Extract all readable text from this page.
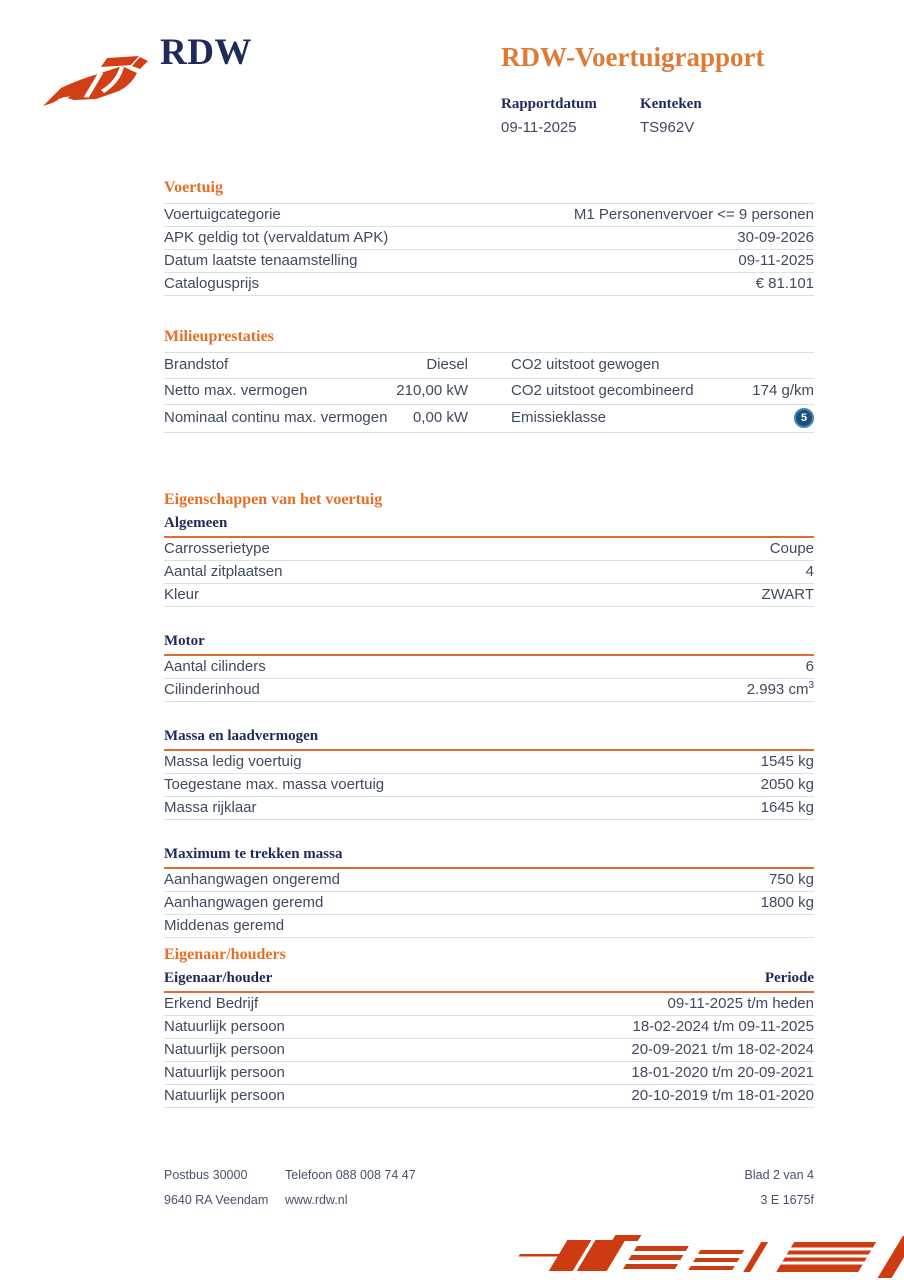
RDW	RDW-Voertuigrapport
Rapportdatum
09-11-2025
Kenteken
TS962V
Voertuig
Voertuigcategorie	M1 Personenvervoer <= 9 personen
APK geldig tot (vervaldatum APK)	30-09-2026
Datum laatste tenaamstelling	09-11-2025
Catalogusprijs	€ 81.101
Milieuprestaties
Brandstof	Diesel	CO2 uitstoot gewogen
Netto max. vermogen	210,00 kW	CO2 uitstoot gecombineerd	174 g/km
Nominaal continu max. vermogen 0,00 kW	Emissieklasse	5
Eigenschappen van het voertuig
Algemeen
Carrosserietype	Coupe
Aantal zitplaatsen	4
Kleur	ZWART
Motor
Aantal cilinders	6
Cilinderinhoud	2.993 $cm^3$
Massa en laadvermogen
Massa ledig voertuig	1545 kg
Toegestane max. massa voertuig	2050 kg
Massa rijklaar	1645 kg
Maximum te trekken massa
Aanhangwagen ongeremd	750 kg
Aanhangwagen geremd	1800 kg
Middenas geremd
Eigenaar/houders
Eigenaar/houder	Periode
Erkend Bedrijf	09-11-2025 t/m heden
Natuurlijk persoon	18-02-2024 t/m 09-11-2025
Natuurlijk persoon	20-09-2021 t/m 18-02-2024
Natuurlijk persoon	18-01-2020 t/m 20-09-2021
Natuurlijk persoon	20-10-2019 t/m 18-01-2020
Postbus 30000	Telefoon 088 008 74 47	Blad 2 van 4
9640 RA Veendam	www.rdw.nl	3 E 1675f
